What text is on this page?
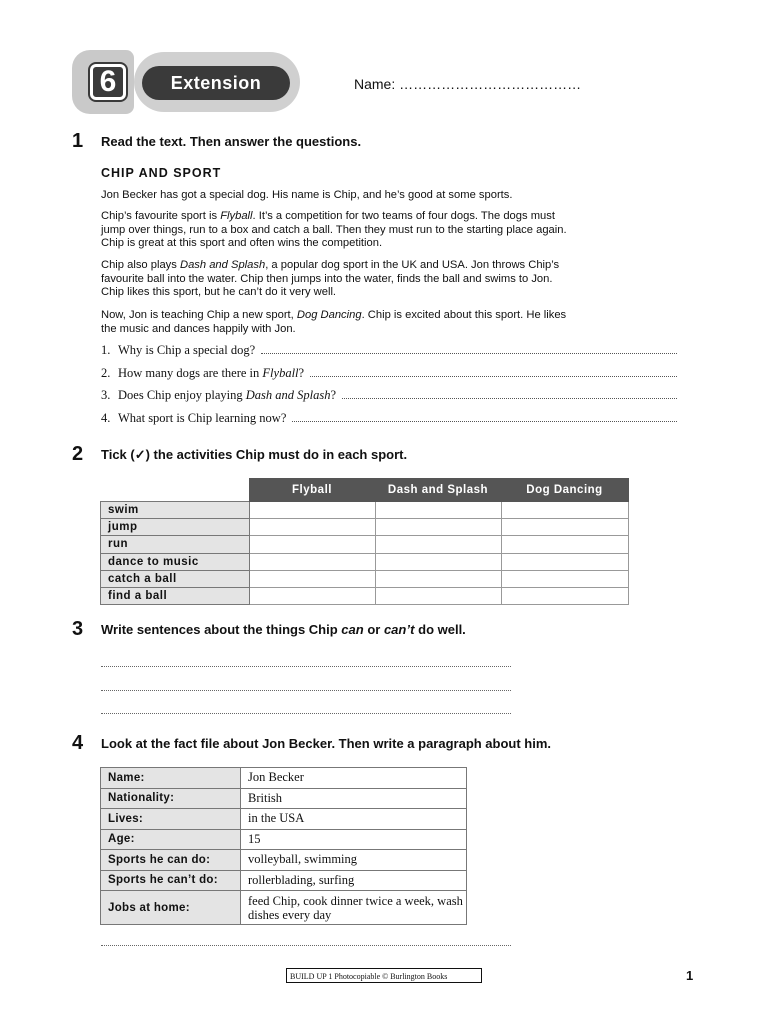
6	Extension	Name: …………………………………
1 Read the text. Then answer the questions.
CHIP AND SPORT
Jon Becker has got a special dog. His name is Chip, and he’s good at some sports.
Chip’s favourite sport is Flyball. It’s a competition for two teams of four dogs. The dogs must jump over things, run to a box and catch a ball. Then they must run to the starting place again. Chip is great at this sport and often wins the competition.
Chip also plays Dash and Splash, a popular dog sport in the UK and USA. Jon throws Chip’s favourite ball into the water. Chip then jumps into the water, finds the ball and swims to Jon. Chip likes this sport, but he can’t do it very well.
Now, Jon is teaching Chip a new sport, Dog Dancing. Chip is excited about this sport. He likes the music and dances happily with Jon.
1. Why is Chip a special dog?
2. How many dogs are there in Flyball?
3. Does Chip enjoy playing Dash and Splash?
4. What sport is Chip learning now?
2 Tick (✓) the activities Chip must do in each sport.
	Flyball	Dash and Splash	Dog Dancing
swim			
jump			
run			
dance to music			
catch a ball			
find a ball			
3 Write sentences about the things Chip can or can’t do well.
4 Look at the fact file about Jon Becker. Then write a paragraph about him.
Name:	Jon Becker
Nationality:	British
Lives:	in the USA
Age:	15
Sports he can do:	volleyball, swimming
Sports he can’t do:	rollerblading, surfing
Jobs at home:	feed Chip, cook dinner twice a week, wash dishes every day
BUILD UP 1 Photocopiable © Burlington Books	1
